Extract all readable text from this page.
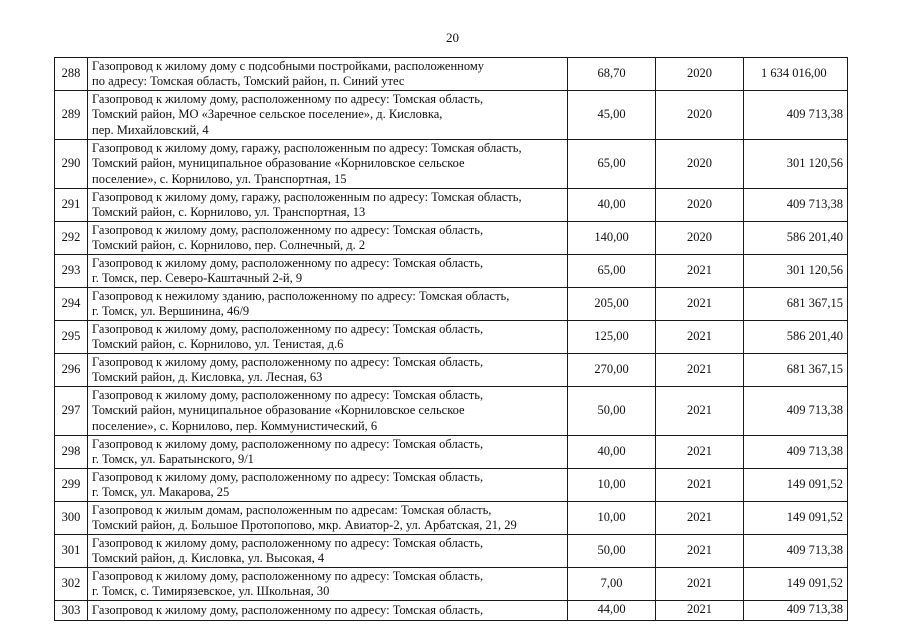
20
288	Газопровод к жилому дому с подсобными постройками, расположенному
по адресу: Томская область, Томский район, п. Синий утес	68,70	2020	1 634 016,00
289	Газопровод к жилому дому, расположенному по адресу: Томская область,
Томский район, МО «Заречное сельское поселение», д. Кисловка,
пер. Михайловский, 4	45,00	2020	409 713,38
290	Газопровод к жилому дому, гаражу, расположенным по адресу: Томская область,
Томский район, муниципальное образование «Корниловское сельское
поселение», с. Корнилово, ул. Транспортная, 15	65,00	2020	301 120,56
291	Газопровод к жилому дому, гаражу, расположенным по адресу: Томская область,
Томский район, с. Корнилово, ул. Транспортная, 13	40,00	2020	409 713,38
292	Газопровод к жилому дому, расположенному по адресу: Томская область,
Томский район, с. Корнилово, пер. Солнечный, д. 2	140,00	2020	586 201,40
293	Газопровод к жилому дому, расположенному по адресу: Томская область,
г. Томск, пер. Северо-Каштачный 2-й, 9	65,00	2021	301 120,56
294	Газопровод к нежилому зданию, расположенному по адресу: Томская область,
г. Томск, ул. Вершинина, 46/9	205,00	2021	681 367,15
295	Газопровод к жилому дому, расположенному по адресу: Томская область,
Томский район, с. Корнилово, ул. Тенистая, д.6	125,00	2021	586 201,40
296	Газопровод к жилому дому, расположенному по адресу: Томская область,
Томский район, д. Кисловка, ул. Лесная, 63	270,00	2021	681 367,15
297	Газопровод к жилому дому, расположенному по адресу: Томская область,
Томский район, муниципальное образование «Корниловское сельское
поселение», с. Корнилово, пер. Коммунистический, 6	50,00	2021	409 713,38
298	Газопровод к жилому дому, расположенному по адресу: Томская область,
г. Томск, ул. Баратынского, 9/1	40,00	2021	409 713,38
299	Газопровод к жилому дому, расположенному по адресу: Томская область,
г. Томск, ул. Макарова, 25	10,00	2021	149 091,52
300	Газопровод к жилым домам, расположенным по адресам: Томская область,
Томский район, д. Большое Протопопово, мкр. Авиатор-2, ул. Арбатская, 21, 29	10,00	2021	149 091,52
301	Газопровод к жилому дому, расположенному по адресу: Томская область,
Томский район, д. Кисловка, ул. Высокая, 4	50,00	2021	409 713,38
302	Газопровод к жилому дому, расположенному по адресу: Томская область,
г. Томск, с. Тимирязевское, ул. Школьная, 30	7,00	2021	149 091,52
303	Газопровод к жилому дому, расположенному по адресу: Томская область,	44,00	2021	409 713,38
